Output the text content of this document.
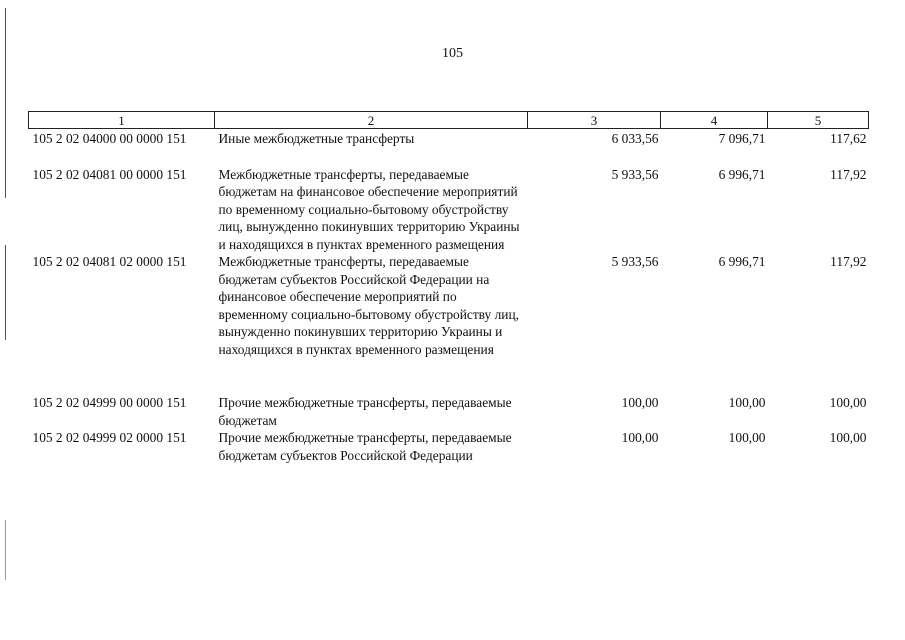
105
1	2	3	4	5
105 2 02 04000 00 0000 151	Иные межбюджетные трансферты	6 033,56	7 096,71	117,62
105 2 02 04081 00 0000 151	Межбюджетные трансферты, передаваемые бюджетам на финансовое обеспечение мероприятий по временному социально-бытовому обустройству лиц, вынужденно покинувших территорию Украины и находящихся в пунктах временного размещения	5 933,56	6 996,71	117,92
105 2 02 04081 02 0000 151	Межбюджетные трансферты, передаваемые бюджетам субъектов Российской Федерации на финансовое обеспечение мероприятий по временному социально-бытовому обустройству лиц, вынужденно покинувших территорию Украины и находящихся в пунктах временного размещения	5 933,56	6 996,71	117,92
105 2 02 04999 00 0000 151	Прочие межбюджетные трансферты, передаваемые бюджетам	100,00	100,00	100,00
105 2 02 04999 02 0000 151	Прочие межбюджетные трансферты, передаваемые бюджетам субъектов Российской Федерации	100,00	100,00	100,00
